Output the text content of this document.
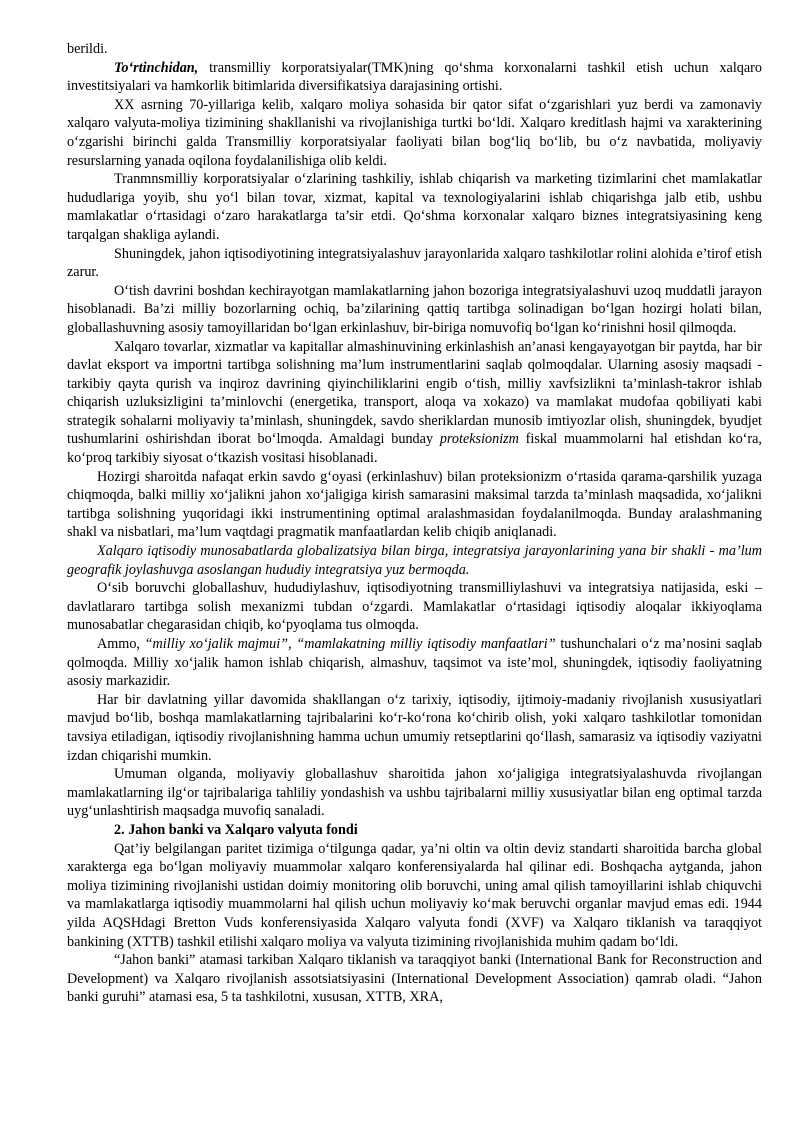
berildi.

To‘rtinchidan, transmilliy korporatsiyalar(TMK)ning qo‘shma korxonalarni tashkil etish uchun xalqaro investitsiyalari va hamkorlik bitimlarida diversifikatsiya darajasining ortishi.

XX asrning 70-yillariga kelib, xalqaro moliya sohasida bir qator sifat o‘zgarishlari yuz berdi va zamonaviy xalqaro valyuta-moliya tizimining shakllanishi va rivojlanishiga turtki bo‘ldi. Xalqaro kreditlash hajmi va xarakterining o‘zgarishi birinchi galda Transmilliy korporatsiyalar faoliyati bilan bog‘liq bo‘lib, bu o‘z navbatida, moliyaviy resurslarning yanada oqilona foydalanilishiga olib keldi.

Tranmnsmilliy korporatsiyalar o‘zlarining tashkiliy, ishlab chiqarish va marketing tizimlarini chet mamlakatlar hududlariga yoyib, shu yo‘l bilan tovar, xizmat, kapital va texnologiyalarini ishlab chiqarishga jalb etib, ushbu mamlakatlar o‘rtasidagi o‘zaro harakatlarga ta’sir etdi. Qo‘shma korxonalar xalqaro biznes integratsiyasining keng tarqalgan shakliga aylandi.

Shuningdek, jahon iqtisodiyotining integratsiyalashuv jarayonlarida xalqaro tashkilotlar rolini alohida e’tirof etish zarur.

O‘tish davrini boshdan kechirayotgan mamlakatlarning jahon bozoriga integratsiyalashuvi uzoq muddatli jarayon hisoblanadi. Ba’zi milliy bozorlarning ochiq, ba’zilarining qattiq tartibga solinadigan bo‘lgan hozirgi holati bilan, globallashuvning asosiy tamoyillaridan bo‘lgan erkinlashuv, bir-biriga nomuvofiq bo‘lgan ko‘rinishni hosil qilmoqda.

Xalqaro tovarlar, xizmatlar va kapitallar almashinuvining erkinlashish an’anasi kengayayotgan bir paytda, har bir davlat eksport va importni tartibga solishning ma’lum instrumentlarini saqlab qolmoqdalar. Ularning asosiy maqsadi - tarkibiy qayta qurish va inqiroz davrining qiyinchiliklarini engib o‘tish, milliy xavfsizlikni ta’minlash-takror ishlab chiqarish uzluksizligini ta’minlovchi (energetika, transport, aloqa va xokazo) va mamlakat mudofaa qobiliyati kabi strategik sohalarni moliyaviy ta’minlash, shuningdek, savdo sheriklardan munosib imtiyozlar olish, shuningdek, byudjet tushumlarini oshirishdan iborat bo‘lmoqda. Amaldagi bunday proteksionizm fiskal muammolarni hal etishdan ko‘ra, ko‘proq tarkibiy siyosat o‘tkazish vositasi hisoblanadi.

Hozirgi sharoitda nafaqat erkin savdo g‘oyasi (erkinlashuv) bilan proteksionizm o‘rtasida qarama-qarshilik yuzaga chiqmoqda, balki milliy xo‘jalikni jahon xo‘jaligiga kirish samarasini maksimal tarzda ta’minlash maqsadida, xo‘jalikni tartibga solishning yuqoridagi ikki instrumentining optimal aralashmasidan foydalanilmoqda. Bunday aralashmaning shakl va nisbatlari, ma’lum vaqtdagi pragmatik manfaatlardan kelib chiqib aniqlanadi.

Xalqaro iqtisodiy munosabatlarda globalizatsiya bilan birga, integratsiya jarayonlarining yana bir shakli - ma’lum geografik joylashuvga asoslangan hududiy integratsiya yuz bermoqda.

O‘sib boruvchi globallashuv, hududiylashuv, iqtisodiyotning transmilliylashuvi va integratsiya natijasida, eski – davlatlararo tartibga solish mexanizmi tubdan o‘zgardi. Mamlakatlar o‘rtasidagi iqtisodiy aloqalar ikkiyoqlama munosabatlar chegarasidan chiqib, ko‘pyoqlama tus olmoqda.

Ammo, “milliy xo‘jalik majmui”, “mamlakatning milliy iqtisodiy manfaatlari” tushunchalari o‘z ma’nosini saqlab qolmoqda. Milliy xo‘jalik hamon ishlab chiqarish, almashuv, taqsimot va iste’mol, shuningdek, iqtisodiy faoliyatning asosiy markazidir.

Har bir davlatning yillar davomida shakllangan o‘z tarixiy, iqtisodiy, ijtimoiy-madaniy rivojlanish xususiyatlari mavjud bo‘lib, boshqa mamlakatlarning tajribalarini ko‘r-ko‘rona ko‘chirib olish, yoki xalqaro tashkilotlar tomonidan tavsiya etiladigan, iqtisodiy rivojlanishning hamma uchun umumiy retseptlarini qo‘llash, samarasiz va iqtisodiy vaziyatni izdan chiqarishi mumkin.

Umuman olganda, moliyaviy globallashuv sharoitida jahon xo‘jaligiga integratsiyalashuvda rivojlangan mamlakatlarning ilg‘or tajribalariga tahliliy yondashish va ushbu tajribalarni milliy xususiyatlar bilan eng optimal tarzda uyg‘unlashtirish maqsadga muvofiq sanaladi.

2. Jahon banki va Xalqaro valyuta fondi

Qat’iy belgilangan paritet tizimiga o‘tilgunga qadar, ya’ni oltin va oltin deviz standarti sharoitida barcha global xarakterga ega bo‘lgan moliyaviy muammolar xalqaro konferensiyalarda hal qilinar edi. Boshqacha aytganda, jahon moliya tizimining rivojlanishi ustidan doimiy monitoring olib boruvchi, uning amal qilish tamoyillarini ishlab chiquvchi va mamlakatlarga iqtisodiy muammolarni hal qilish uchun moliyaviy ko‘mak beruvchi organlar mavjud emas edi. 1944 yilda AQSHdagi Bretton Vuds konferensiyasida Xalqaro valyuta fondi (XVF) va Xalqaro tiklanish va taraqqiyot bankining (XTTB) tashkil etilishi xalqaro moliya va valyuta tizimining rivojlanishida muhim qadam bo‘ldi.

“Jahon banki” atamasi tarkiban Xalqaro tiklanish va taraqqiyot banki (International Bank for Reconstruction and Development) va Xalqaro rivojlanish assotsiatsiyasini (International Development Association) qamrab oladi. “Jahon banki guruhi” atamasi esa, 5 ta tashkilotni, xususan, XTTB, XRA,
